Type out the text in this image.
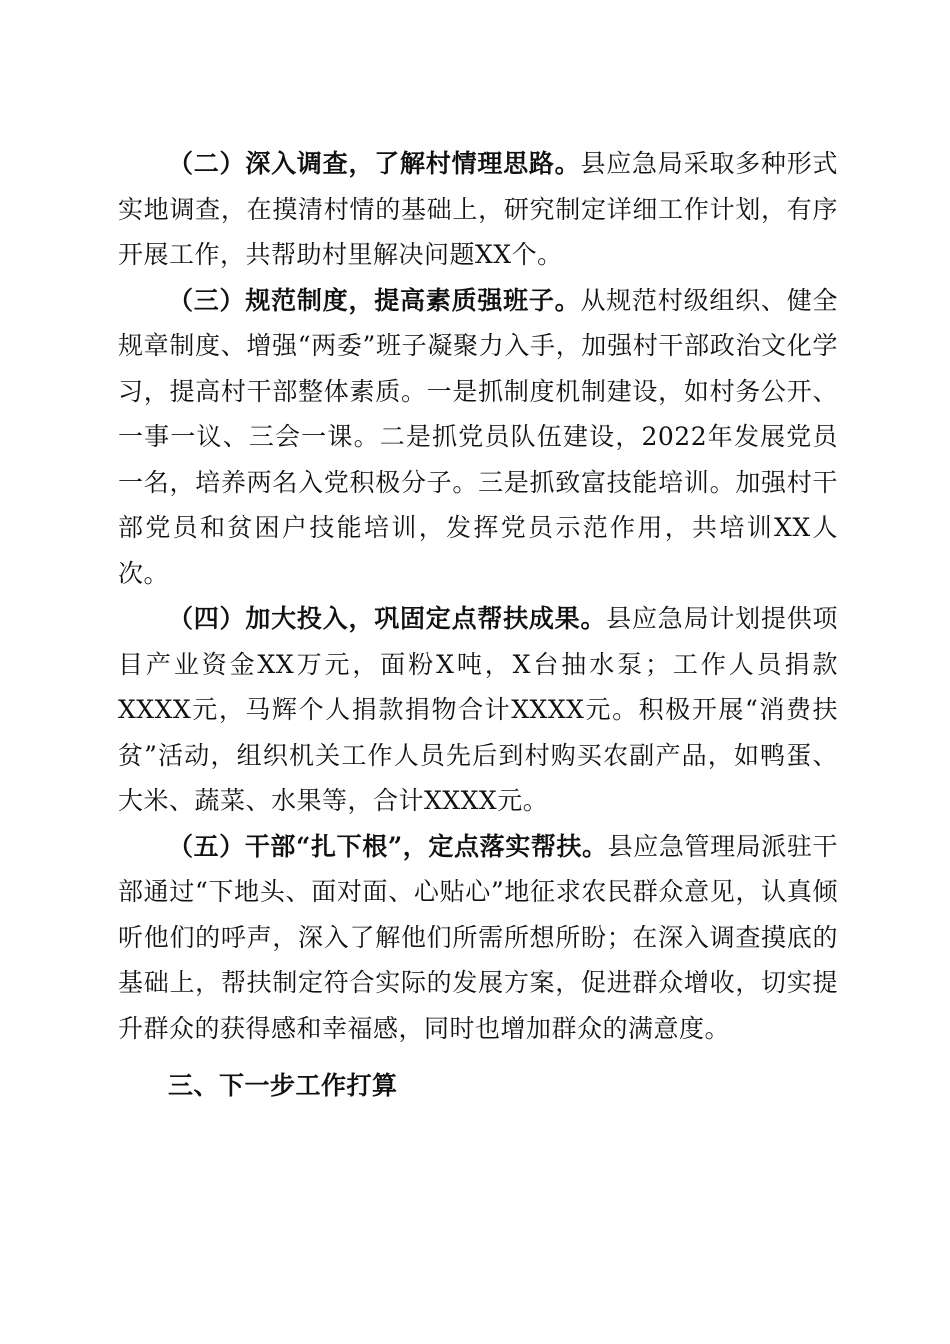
（二）深入调查，了解村情理思路。县应急局采取多种形式实地调查，在摸清村情的基础上，研究制定详细工作计划，有序开展工作，共帮助村里解决问题XX个。

（三）规范制度，提高素质强班子。从规范村级组织、健全规章制度、增强“两委”班子凝聚力入手，加强村干部政治文化学习，提高村干部整体素质。一是抓制度机制建设，如村务公开、一事一议、三会一课。二是抓党员队伍建设，2022年发展党员一名，培养两名入党积极分子。三是抓致富技能培训。加强村干部党员和贫困户技能培训，发挥党员示范作用，共培训XX人次。

（四）加大投入，巩固定点帮扶成果。县应急局计划提供项目产业资金XX万元，面粉X吨，X台抽水泵；工作人员捐款XXXX元，马辉个人捐款捐物合计XXXX元。积极开展“消费扶贫”活动，组织机关工作人员先后到村购买农副产品，如鸭蛋、大米、蔬菜、水果等，合计XXXX元。

（五）干部“扎下根”，定点落实帮扶。县应急管理局派驻干部通过“下地头、面对面、心贴心”地征求农民群众意见，认真倾听他们的呼声，深入了解他们所需所想所盼；在深入调查摸底的基础上，帮扶制定符合实际的发展方案，促进群众增收，切实提升群众的获得感和幸福感，同时也增加群众的满意度。

三、下一步工作打算
